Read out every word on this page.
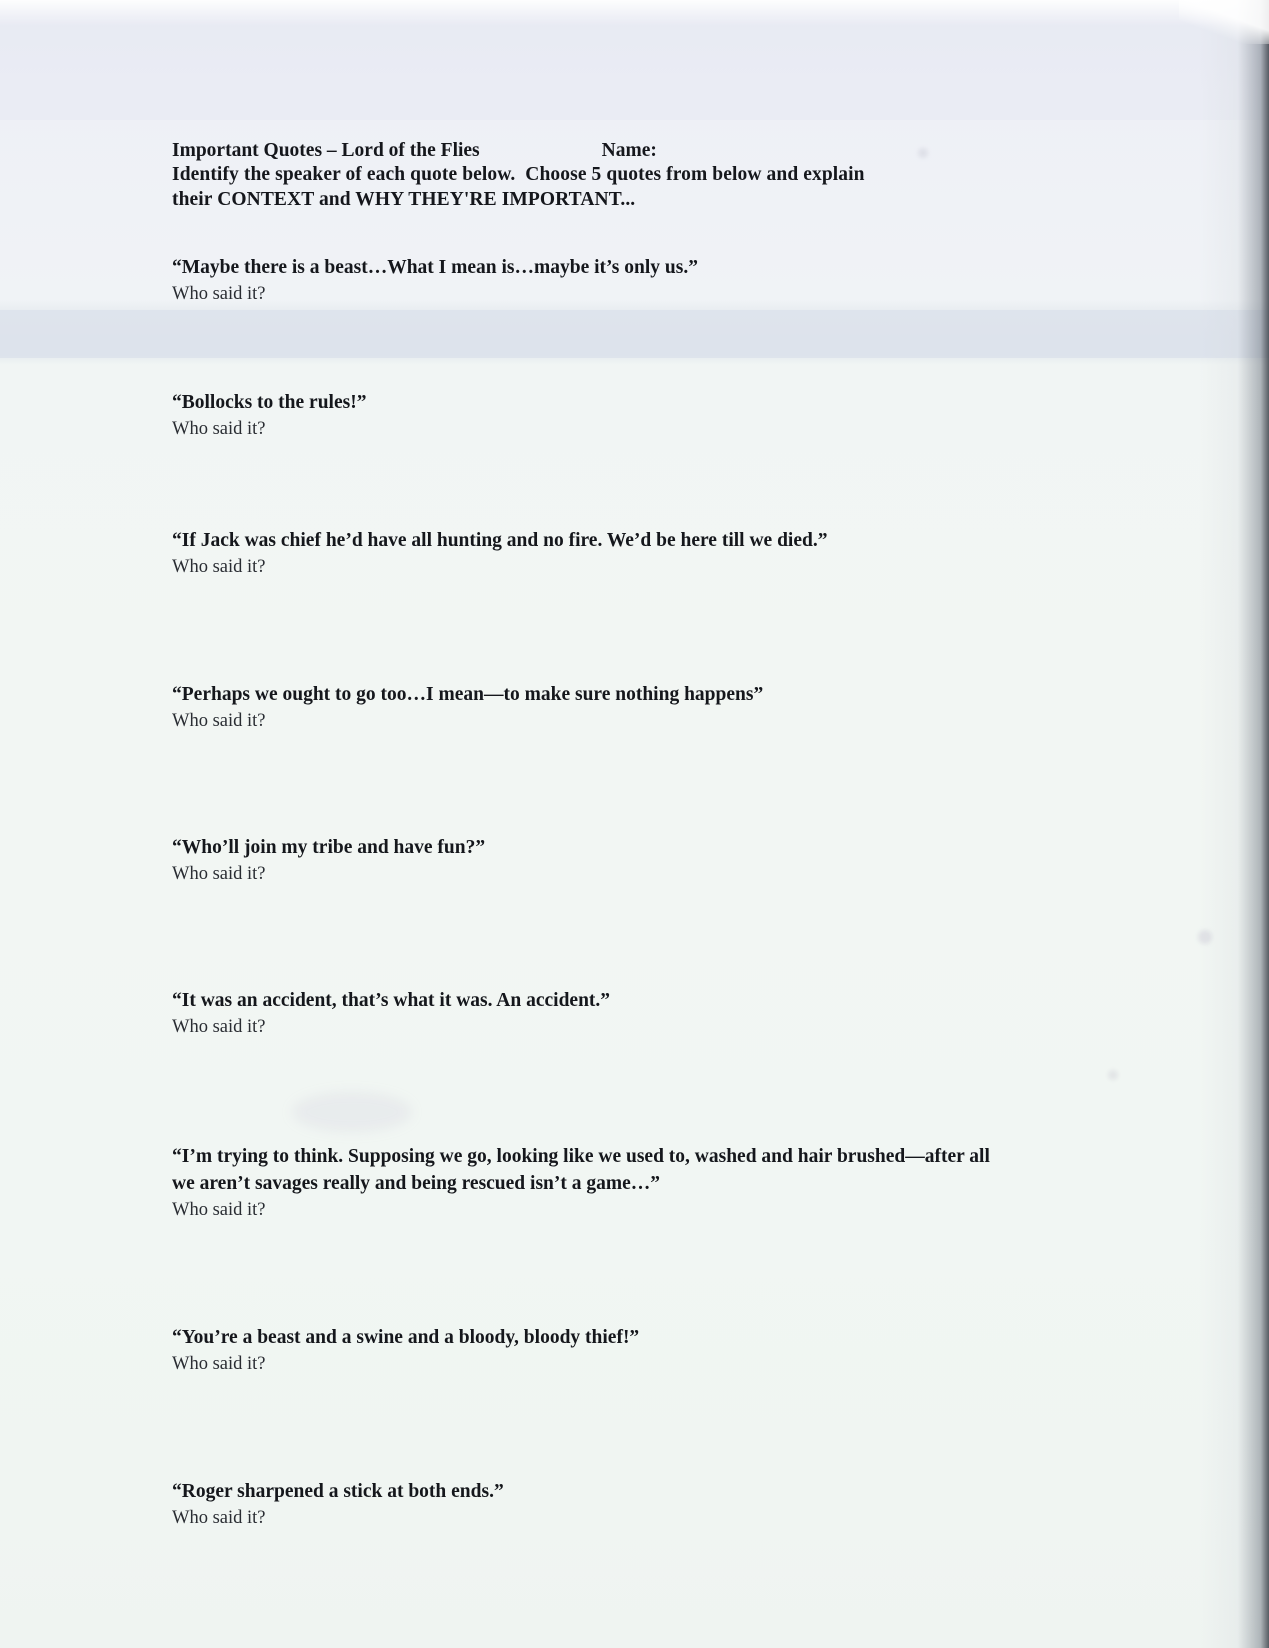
Important Quotes – Lord of the Flies	Name:
Identify the speaker of each quote below.  Choose 5 quotes from below and explain
their CONTEXT and WHY THEY'RE IMPORTANT...
“Maybe there is a beast…What I mean is…maybe it’s only us.”
Who said it?
“Bollocks to the rules!”
Who said it?
“If Jack was chief he’d have all hunting and no fire. We’d be here till we died.”
Who said it?
“Perhaps we ought to go too…I mean—to make sure nothing happens”
Who said it?
“Who’ll join my tribe and have fun?”
Who said it?
“It was an accident, that’s what it was. An accident.”
Who said it?
“I’m trying to think. Supposing we go, looking like we used to, washed and hair brushed—after all we aren’t savages really and being rescued isn’t a game…”
Who said it?
“You’re a beast and a swine and a bloody, bloody thief!”
Who said it?
“Roger sharpened a stick at both ends.”
Who said it?
